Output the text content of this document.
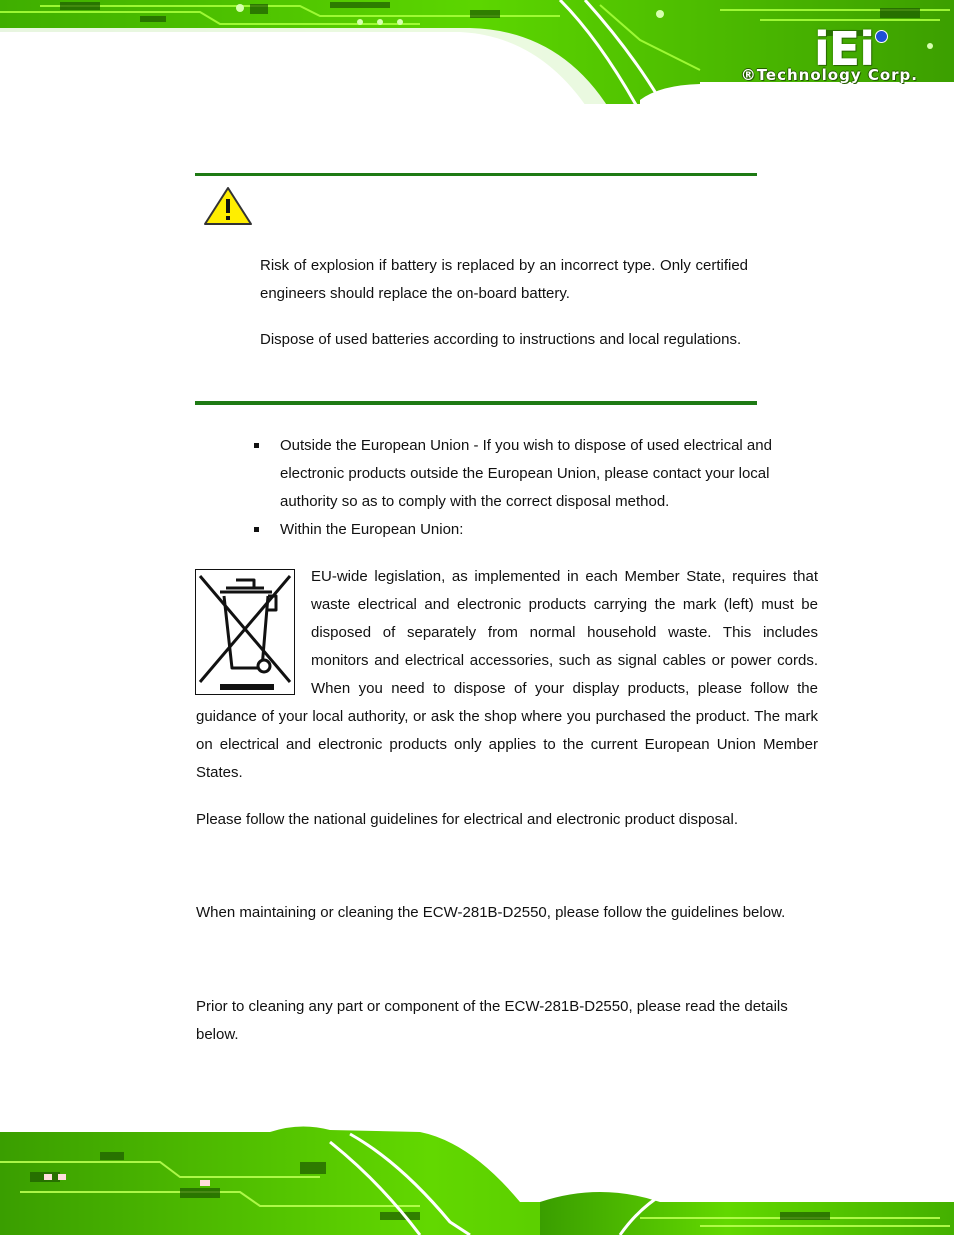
iEi
®Technology Corp.

Risk of explosion if battery is replaced by an incorrect type. Only certified engineers should replace the on-board battery.

Dispose of used batteries according to instructions and local regulations.

Outside the European Union - If you wish to dispose of used electrical and electronic products outside the European Union, please contact your local authority so as to comply with the correct disposal method.
Within the European Union:

EU-wide legislation, as implemented in each Member State, requires that waste electrical and electronic products carrying the mark (left) must be disposed of separately from normal household waste. This includes monitors and electrical accessories, such as signal cables or power cords. When you need to dispose of your display products, please follow the guidance of your local authority, or ask the shop where you purchased the product. The mark on electrical and electronic products only applies to the current European Union Member States.

Please follow the national guidelines for electrical and electronic product disposal.

When maintaining or cleaning the ECW-281B-D2550, please follow the guidelines below.

Prior to cleaning any part or component of the ECW-281B-D2550, please read the details below.
